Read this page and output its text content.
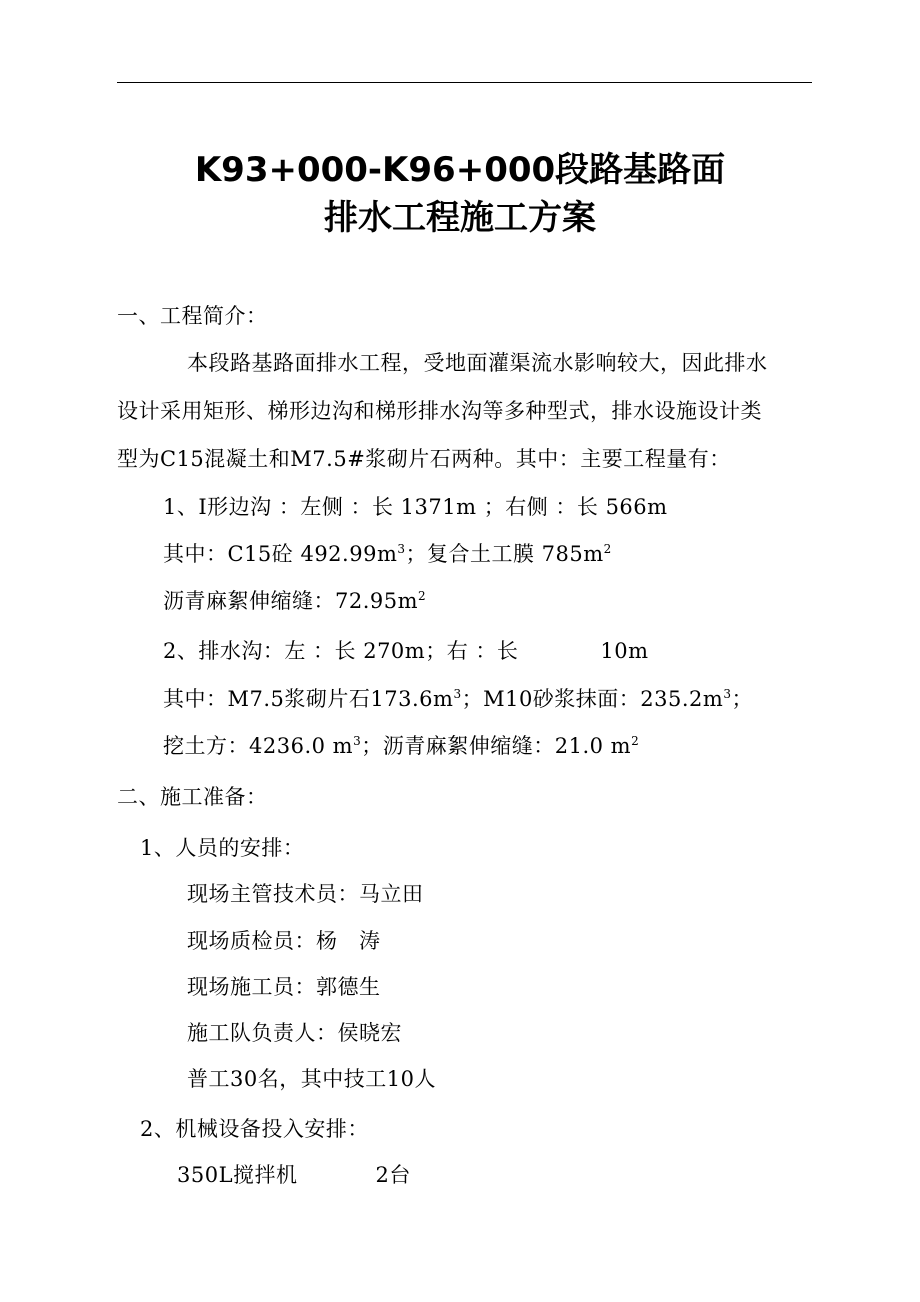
K93+000-K96+000段路基路面
排水工程施工方案
一、工程简介：
本段路基路面排水工程，受地面灌渠流水影响较大，因此排水
设计采用矩形、梯形边沟和梯形排水沟等多种型式，排水设施设计类
型为C15混凝土和M7.5#浆砌片石两种。其中：主要工程量有：
1、I形边沟 ：左侧 ：长 1371m ；右侧 ：长 566m
其中：C15砼 $492.99m^3$；复合土工膜 $785m^2$
沥青麻絮伸缩缝：$72.95m^2$
2、排水沟：左 ：长 270m；右 ：长	10m
其中：M7.5浆砌片石$173.6m^3$；M10砂浆抹面：$235.2m^3$；
挖土方：4236.0 $m^3$；沥青麻絮伸缩缝：21.0 $m^2$
二、施工准备：
1、人员的安排：
现场主管技术员：马立田
现场质检员：杨　涛
现场施工员：郭德生
施工队负责人：侯晓宏
普工30名，其中技工10人
2、机械设备投入安排：
350L搅拌机	2台
